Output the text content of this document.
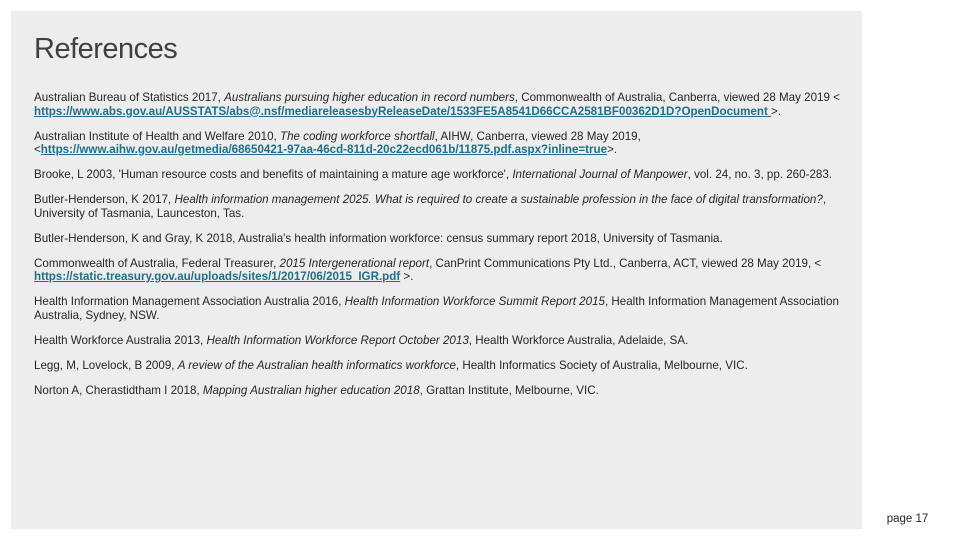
References

Australian Bureau of Statistics 2017, Australians pursuing higher education in record numbers, Commonwealth of Australia, Canberra, viewed 28 May 2019 < https://www.abs.gov.au/AUSSTATS/abs@.nsf/mediareleasesbyReleaseDate/1533FE5A8541D66CCA2581BF00362D1D?OpenDocument >.

Australian Institute of Health and Welfare 2010, The coding workforce shortfall, AIHW, Canberra, viewed 28 May 2019, <https://www.aihw.gov.au/getmedia/68650421-97aa-46cd-811d-20c22ecd061b/11875.pdf.aspx?inline=true>.

Brooke, L 2003, 'Human resource costs and benefits of maintaining a mature age workforce', International Journal of Manpower, vol. 24, no. 3, pp. 260-283.

Butler-Henderson, K 2017, Health information management 2025. What is required to create a sustainable profession in the face of digital transformation?, University of Tasmania, Launceston, Tas.

Butler-Henderson, K and Gray, K 2018, Australia's health information workforce: census summary report 2018, University of Tasmania.

Commonwealth of Australia, Federal Treasurer, 2015 Intergenerational report, CanPrint Communications Pty Ltd., Canberra, ACT, viewed 28 May 2019, < https://static.treasury.gov.au/uploads/sites/1/2017/06/2015_IGR.pdf >.

Health Information Management Association Australia 2016, Health Information Workforce Summit Report 2015, Health Information Management Association Australia, Sydney, NSW.

Health Workforce Australia 2013, Health Information Workforce Report October 2013, Health Workforce Australia, Adelaide, SA.

Legg, M, Lovelock, B 2009, A review of the Australian health informatics workforce, Health Informatics Society of Australia, Melbourne, VIC.

Norton A, Cherastidtham I 2018, Mapping Australian higher education 2018, Grattan Institute, Melbourne, VIC.

page 17
